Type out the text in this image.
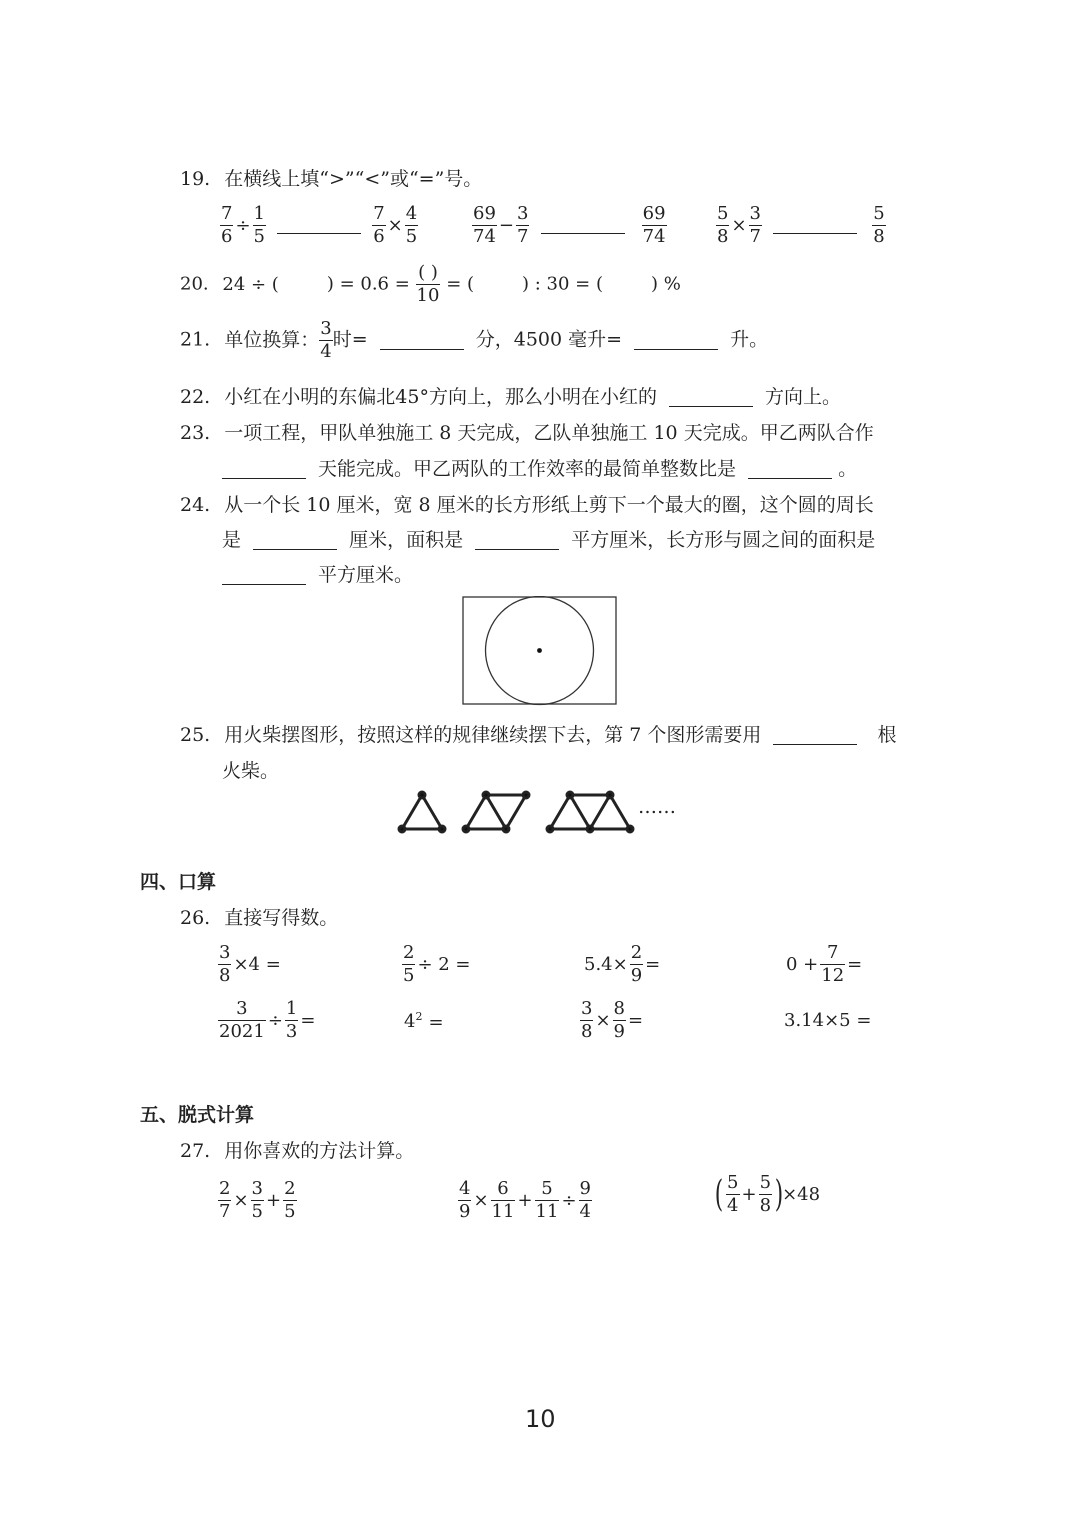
19. 在横线上填“>”“<”或“=”号。
$\frac{7}{6} \div \frac{1}{5}$
	$\frac{7}{6} \times \frac{4}{5}$	$\frac{69}{74} - \frac{3}{7}$
	$\frac{69}{74}$	$\frac{5}{8} \times \frac{3}{7}$
	$\frac{5}{8}$
20. 24 ÷ (	) = $0.6 = \frac{( )}{10}$ = (	) : 30 = (	) %
21. 单位换算： $\frac{3}{4}$ 时=	分，4500 毫升=	升。
22. 小红在小明的东偏北45°方向上，那么小明在小红的	方向上。
23. 一项工程，甲队单独施工 8 天完成，乙队单独施工 10 天完成。甲乙两队合作
天能完成。甲乙两队的工作效率的最简单整数比是	。
24. 从一个长 10 厘米，宽 8 厘米的长方形纸上剪下一个最大的圈，这个圆的周长
是	厘米，面积是	平方厘米，长方形与圆之间的面积是
平方厘米。
25. 用火柴摆图形，按照这样的规律继续摆下去，第 7 个图形需要用	根
火柴。
……
四、口算
26. 直接写得数。
$\frac{3}{8} \times 4$ =	$\frac{2}{5} \div 2$ =	$5.4\times \frac{2}{9}$ =	$0 + \frac{7}{12}$ =
$\frac{3}{2021} \div \frac{1}{3}$ =	$4^2$ =	$\frac{3}{8} \times \frac{8}{9}$ =	3.14×5 =
五、脱式计算
27. 用你喜欢的方法计算。
$\frac{2}{7} \times \frac{3}{5} + \frac{2}{5}$	$\frac{4}{9} \times \frac{6}{11} + \frac{5}{11} \div \frac{9}{4}$	( $\frac{5}{4} + \frac{5}{8} )\times 48$
10
